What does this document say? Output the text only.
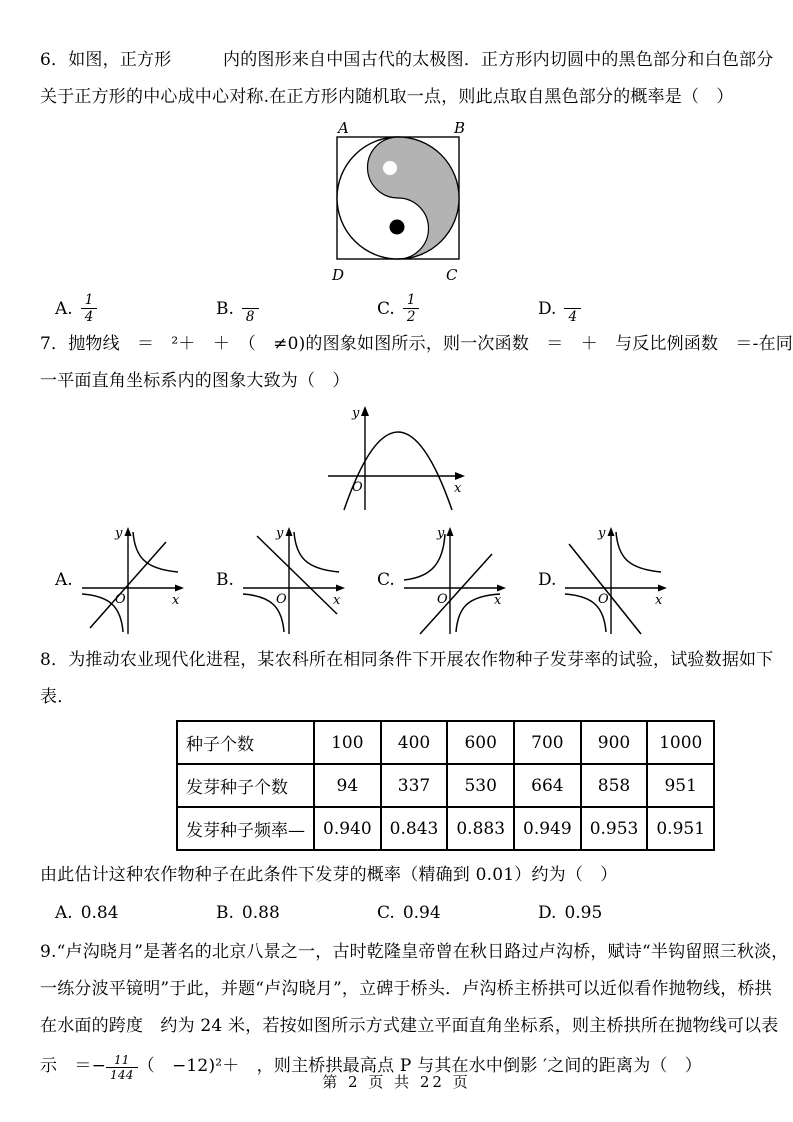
6．如图，正方形　　　内的图形来自中国古代的太极图．正方形内切圆中的黑色部分和白色部分

关于正方形的中心成中心对称.在正方形内随机取一点，则此点取自黑色部分的概率是（　）

A	B
D	C
A. $\frac{1}{4}$	B. 8	C. $\frac{1}{2}$	D. 4

7．抛物线　＝　²＋　＋　（　≠0)的图象如图所示，则一次函数　＝　＋　与反比例函数　＝-在同

一平面直角坐标系内的图象大致为（　）

O	x
y
A.
O	x
y
B.
O	x
y
C.
O	x
y
D.
O	x
y

8．为推动农业现代化进程，某农科所在相同条件下开展农作物种子发芽率的试验，试验数据如下

表．

种子个数	100	400	600	700	900	1000
发芽种子个数	94	337	530	664	858	951
发芽种子频率—	0.940	0.843	0.883	0.949	0.953	0.951

由此估计这种农作物种子在此条件下发芽的概率（精确到 0.01）约为（　）

A. 0.84	B. 0.88	C. 0.94	D. 0.95

9.“卢沟晓月”是著名的北京八景之一，古时乾隆皇帝曾在秋日路过卢沟桥，赋诗“半钩留照三秋淡，

一练分波平镜明”于此，并题“卢沟晓月”，立碑于桥头．卢沟桥主桥拱可以近似看作抛物线，桥拱

在水面的跨度　约为 24 米，若按如图所示方式建立平面直角坐标系，则主桥拱所在抛物线可以表

示　＝− $\frac{11}{144}$ （　−12)²＋　，则主桥拱最高点 P 与其在水中倒影 ′之间的距离为（　）

第 2 页 共 22 页
